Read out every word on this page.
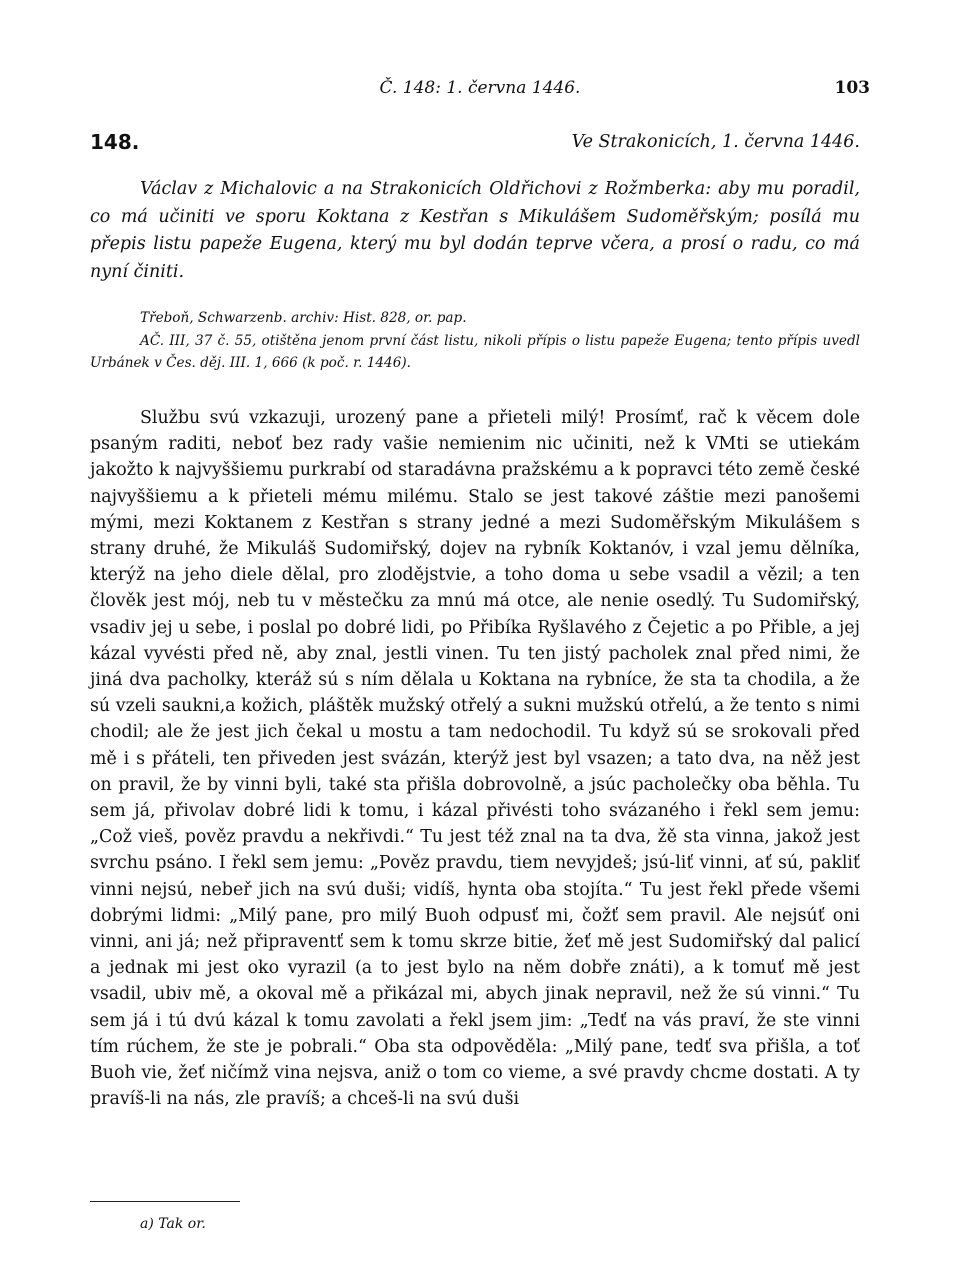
Č. 148: 1. června 1446.	103
148.	Ve Strakonicích, 1. června 1446.

Václav z Michalovic a na Strakonicích Oldřichovi z Rožmberka: aby mu poradil, co má učiniti ve sporu Koktana z Kestřan s Mikulášem Sudoměřským; posílá mu přepis listu papeže Eugena, který mu byl dodán teprve včera, a prosí o radu, co má nyní činiti.

Třeboň, Schwarzenb. archiv: Hist. 828, or. pap.

AČ. III, 37 č. 55, otištěna jenom první část listu, nikoli přípis o listu papeže Eugena; tento přípis uvedl Urbánek v Čes. děj. III. 1, 666 (k poč. r. 1446).

Službu svú vzkazuji, urozený pane a přieteli milý! Prosímť, rač k věcem dole psaným raditi, neboť bez rady vašie nemienim nic učiniti, než k VMti se utiekám jakožto k najvyššiemu purkrabí od staradávna pražskému a k popravci této země české najvyššiemu a k přieteli mému milému. Stalo se jest takové záštie mezi panošemi mými, mezi Koktanem z Kestřan s strany jedné a mezi Sudoměřským Mikulášem s strany druhé, že Mikuláš Sudomiřský, dojev na rybník Koktanóv, i vzal jemu dělníka, kterýž na jeho diele dělal, pro zlodějstvie, a toho doma u sebe vsadil a vězil; a ten člověk jest mój, neb tu v městečku za mnú má otce, ale nenie osedlý. Tu Sudomiřský, vsadiv jej u sebe, i poslal po dobré lidi, po Přibíka Ryšlavého z Čejetic a po Přible, a jej kázal vyvésti před ně, aby znal, jestli vinen. Tu ten jistý pacholek znal před nimi, že jiná dva pacholky, kteráž sú s ním dělala u Koktana na rybníce, že sta ta chodila, a že sú vzeli saukni,a kožich, pláštěk mužský otřelý a sukni mužskú otřelú, a že tento s nimi chodil; ale že jest jich čekal u mostu a tam nedochodil. Tu když sú se srokovali před mě i s přáteli, ten přiveden jest svázán, kterýž jest byl vsazen; a tato dva, na něž jest on pravil, že by vinni byli, také sta přišla dobrovolně, a jsúc pacholečky oba běhla. Tu sem já, přivolav dobré lidi k tomu, i kázal přivésti toho svázaného i řekl sem jemu: „Což vieš, pověz pravdu a nekřivdi.“ Tu jest též znal na ta dva, žě sta vinna, jakož jest svrchu psáno. I řekl sem jemu: „Pověz pravdu, tiem nevyjdeš; jsú-liť vinni, ať sú, pakliť vinni nejsú, nebeř jich na svú duši; vidíš, hyntа oba stojíta.“ Tu jest řekl přede všemi dobrými lidmi: „Milý pane, pro milý Buoh odpusť mi, čožť sem pravil. Ale nejsúť oni vinni, ani já; než připraventť sem k tomu skrze bitie, žeť mě jest Sudomiřský dal palicí a jednak mi jest oko vyrazil (a to jest bylo na něm dobře znáti), a k tomuť mě jest vsadil, ubiv mě, a okoval mě a přikázal mi, abych jinak nepravil, než že sú vinni.“ Tu sem já i tú dvú kázal k tomu zavolati a řekl jsem jim: „Tedť na vás praví, že ste vinni tím rúchem, že ste je pobrali.“ Oba sta odpověděla: „Milý pane, tedť sva přišla, a toť Buoh vie, žeť ničímž vina nejsva, aniž o tom co vieme, a své pravdy chcme dostati. A ty pravíš-li na nás, zle pravíš; a chceš-li na svú duši

a) Tak or.
